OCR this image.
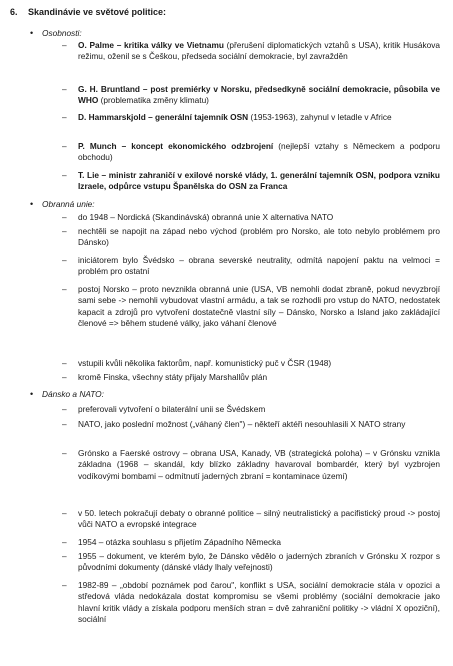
6. Skandinávie ve světové politice:
• Osobnosti:
– O. Palme – kritika války ve Vietnamu (přerušení diplomatických vztahů s USA), kritik Husákova režimu, oženil se s Češkou, předseda sociální demokracie, byl zavražděn
– G. H. Bruntland – post premiérky v Norsku, předsedkyně sociální demokracie, působila ve WHO (problematika změny klimatu)
– D. Hammarskjold – generální tajemník OSN (1953-1963), zahynul v letadle v Africe
– P. Munch – koncept ekonomického odzbrojení (nejlepší vztahy s Německem a podporu obchodu)
– T. Lie – ministr zahraničí v exilové norské vlády, 1. generální tajemník OSN, podpora vzniku Izraele, odpůrce vstupu Španělska do OSN za Franca
• Obranná unie:
– do 1948 – Nordická (Skandinávská) obranná unie X alternativa NATO
– nechtěli se napojit na západ nebo východ (problém pro Norsko, ale toto nebylo problémem pro Dánsko)
– iniciátorem bylo Švédsko – obrana severské neutrality, odmítá napojení paktu na velmoci = problém pro ostatní
– postoj Norsko – proto nevznikla obranná unie (USA, VB nemohli dodat zbraně, pokud nevyzbrojí sami sebe -> nemohli vybudovat vlastní armádu, a tak se rozhodli pro vstup do NATO, nedostatek kapacit a zdrojů pro vytvoření dostatečně vlastní síly – Dánsko, Norsko a Island jako zakládající členové => během studené války, jako váhaní členové
– vstupili kvůli několika faktorům, např. komunistický puč v ČSR (1948)
– kromě Finska, všechny státy přijaly Marshallův plán
• Dánsko a NATO:
– preferovali vytvoření o bilaterální unii se Švédskem
– NATO, jako poslední možnost („váhaný člen") – někteří aktéři nesouhlasili X NATO strany
– Grónsko a Faerské ostrovy – obrana USA, Kanady, VB (strategická poloha) – v Grónsku vznikla základna (1968 – skandál, kdy blízko základny havaroval bombardér, který byl vyzbrojen vodíkovými bombami – odmítnutí jaderných zbraní = kontaminace území)
– v 50. letech pokračují debaty o obranné politice – silný neutralistický a pacifistický proud -> postoj vůči NATO a evropské integrace
– 1954 – otázka souhlasu s přijetím Západního Německa
– 1955 – dokument, ve kterém bylo, že Dánsko vědělo o jaderných zbraních v Grónsku X rozpor s původními dokumenty (dánské vlády lhaly veřejnosti)
– 1982-89 – „období poznámek pod čarou", konflikt s USA, sociální demokracie stála v opozici a středová vláda nedokázala dostat kompromisu se všemi problémy (sociální demokracie jako hlavní kritik vlády a získala podporu menších stran = dvě zahraniční politiky -> vládní X opoziční), sociální
